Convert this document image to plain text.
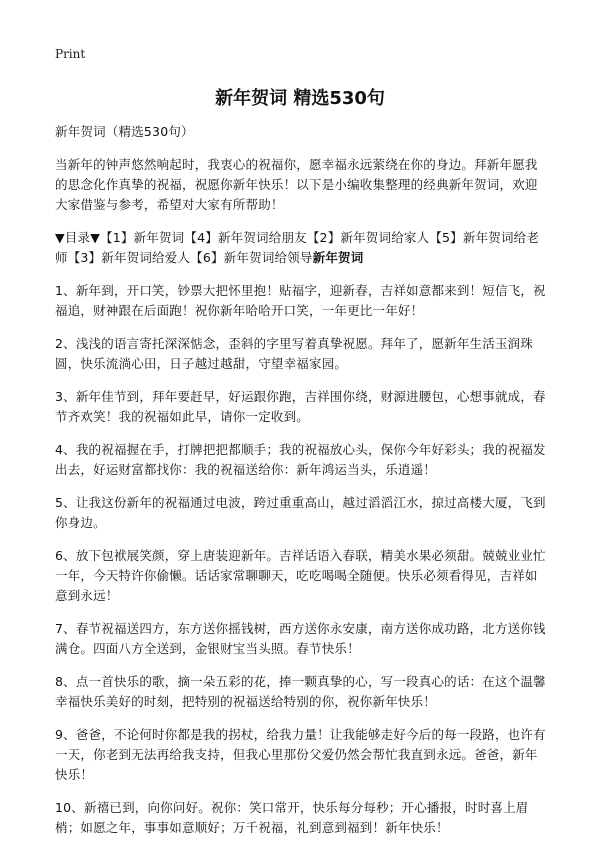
Print
新年贺词 精选530句

新年贺词（精选530句）

当新年的钟声悠然响起时，我衷心的祝福你，愿幸福永远萦绕在你的身边。拜新年愿我的思念化作真挚的祝福，祝愿你新年快乐！以下是小编收集整理的经典新年贺词，欢迎大家借鉴与参考，希望对大家有所帮助！

▼目录▼【1】新年贺词【4】新年贺词给朋友【2】新年贺词给家人【5】新年贺词给老师【3】新年贺词给爱人【6】新年贺词给领导新年贺词

1、新年到，开口笑，钞票大把怀里抱！贴福字，迎新春，吉祥如意都来到！短信飞，祝福追，财神跟在后面跑！祝你新年哈哈开口笑，一年更比一年好！

2、浅浅的语言寄托深深惦念，歪斜的字里写着真挚祝愿。拜年了，愿新年生活玉润珠圆，快乐流淌心田，日子越过越甜，守望幸福家园。

3、新年佳节到，拜年要赶早，好运跟你跑，吉祥围你绕，财源进腰包，心想事就成，春节齐欢笑！我的祝福如此早，请你一定收到。

4、我的祝福握在手，打牌把把都顺手；我的祝福放心头，保你今年好彩头；我的祝福发出去，好运财富都找你：我的祝福送给你：新年鸿运当头，乐逍遥！

5、让我这份新年的祝福通过电波，跨过重重高山，越过滔滔江水，掠过高楼大厦，飞到你身边。

6、放下包袱展笑颜，穿上唐装迎新年。吉祥话语入春联，精美水果必须甜。兢兢业业忙一年，今天特许你偷懒。话话家常聊聊天，吃吃喝喝全随便。快乐必须看得见，吉祥如意到永远！

7、春节祝福送四方，东方送你摇钱树，西方送你永安康，南方送你成功路，北方送你钱满仓。四面八方全送到，金银财宝当头照。春节快乐！

8、点一首快乐的歌，摘一朵五彩的花，捧一颗真挚的心，写一段真心的话：在这个温馨幸福快乐美好的时刻，把特别的祝福送给特别的你，祝你新年快乐！

9、爸爸，不论何时你都是我的拐杖，给我力量！让我能够走好今后的每一段路，也许有一天，你老到无法再给我支持，但我心里那份父爱仍然会帮忙我直到永远。爸爸，新年快乐！

10、新禧已到，向你问好。祝你：笑口常开，快乐每分每秒；开心播报，时时喜上眉梢；如愿之年，事事如意顺好；万千祝福，礼到意到福到！新年快乐！
